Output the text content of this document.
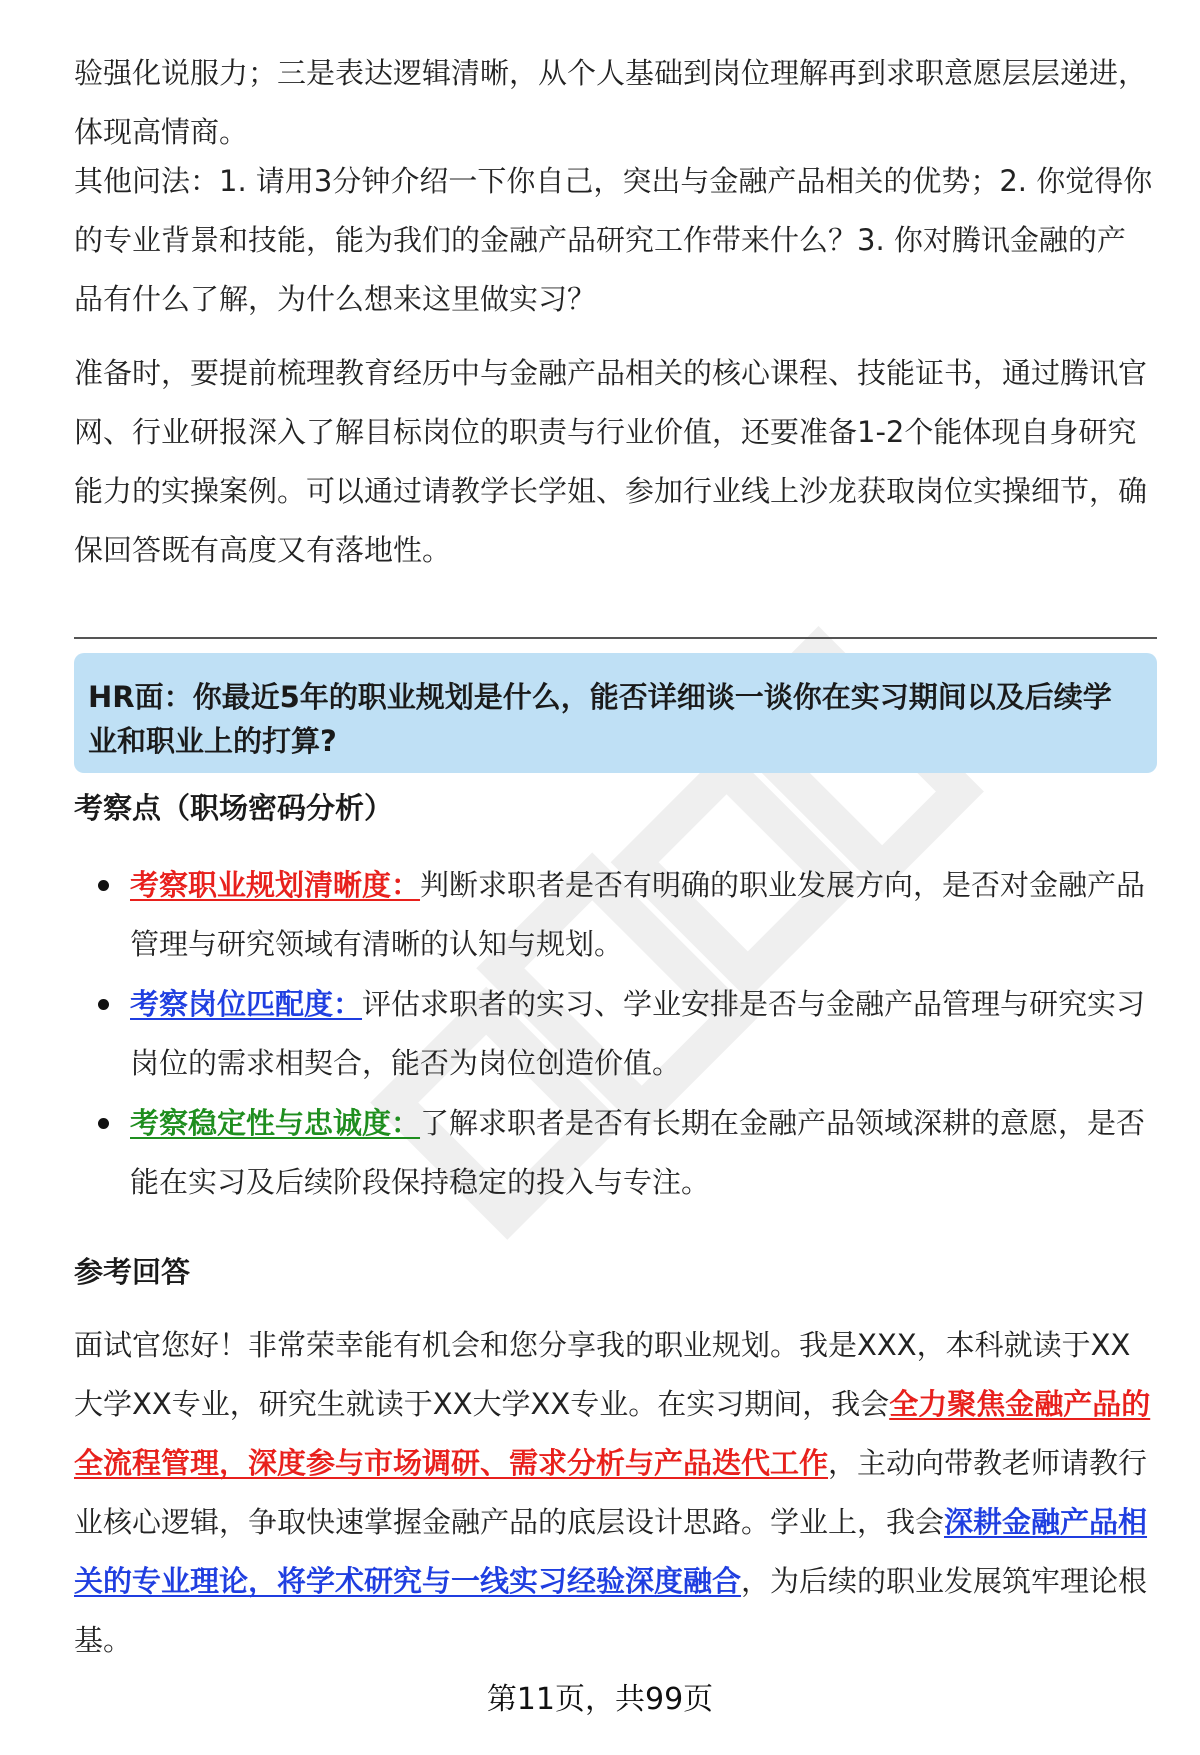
验强化说服力；三是表达逻辑清晰，从个人基础到岗位理解再到求职意愿层层递进，体现高情商。

其他问法：1. 请用3分钟介绍一下你自己，突出与金融产品相关的优势；2. 你觉得你的专业背景和技能，能为我们的金融产品研究工作带来什么？3. 你对腾讯金融的产品有什么了解，为什么想来这里做实习？

准备时，要提前梳理教育经历中与金融产品相关的核心课程、技能证书，通过腾讯官网、行业研报深入了解目标岗位的职责与行业价值，还要准备1-2个能体现自身研究能力的实操案例。可以通过请教学长学姐、参加行业线上沙龙获取岗位实操细节，确保回答既有高度又有落地性。

HR面：你最近5年的职业规划是什么，能否详细谈一谈你在实习期间以及后续学业和职业上的打算?

考察点（职场密码分析）

考察职业规划清晰度：判断求职者是否有明确的职业发展方向，是否对金融产品管理与研究领域有清晰的认知与规划。
考察岗位匹配度：评估求职者的实习、学业安排是否与金融产品管理与研究实习岗位的需求相契合，能否为岗位创造价值。
考察稳定性与忠诚度：了解求职者是否有长期在金融产品领域深耕的意愿，是否能在实习及后续阶段保持稳定的投入与专注。

参考回答

面试官您好！非常荣幸能有机会和您分享我的职业规划。我是XXX，本科就读于XX大学XX专业，研究生就读于XX大学XX专业。在实习期间，我会全力聚焦金融产品的全流程管理，深度参与市场调研、需求分析与产品迭代工作，主动向带教老师请教行业核心逻辑，争取快速掌握金融产品的底层设计思路。学业上，我会深耕金融产品相关的专业理论，将学术研究与一线实习经验深度融合，为后续的职业发展筑牢理论根基。

第11页，共99页
